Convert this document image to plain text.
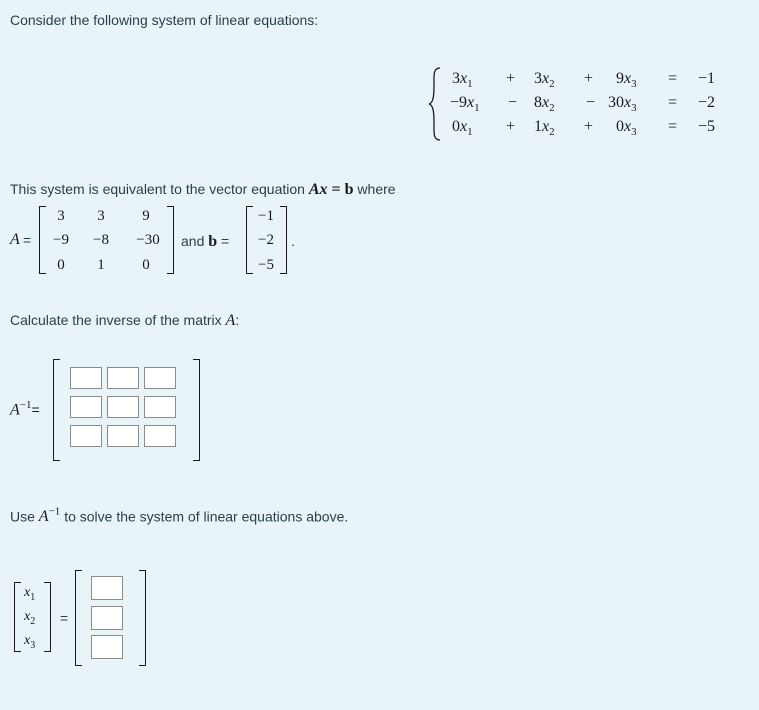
Consider the following system of linear equations:
$3x_1 + 3x_2 + 9x_3 = -1$
$-9x_1 - 8x_2 - 30x_3 = -2$
$0x_1 + 1x_2 + 0x_3 = -5$
This system is equivalent to the vector equation Ax = b where
A =
3	3	9
−9	−8	−30
0	1	0
and b =
−1
−2
−5
.
Calculate the inverse of the matrix A:
$A^{-1}=$
Use $A^{-1}$ to solve the system of linear equations above.
$x_1$
$x_2$
$x_3$
=
